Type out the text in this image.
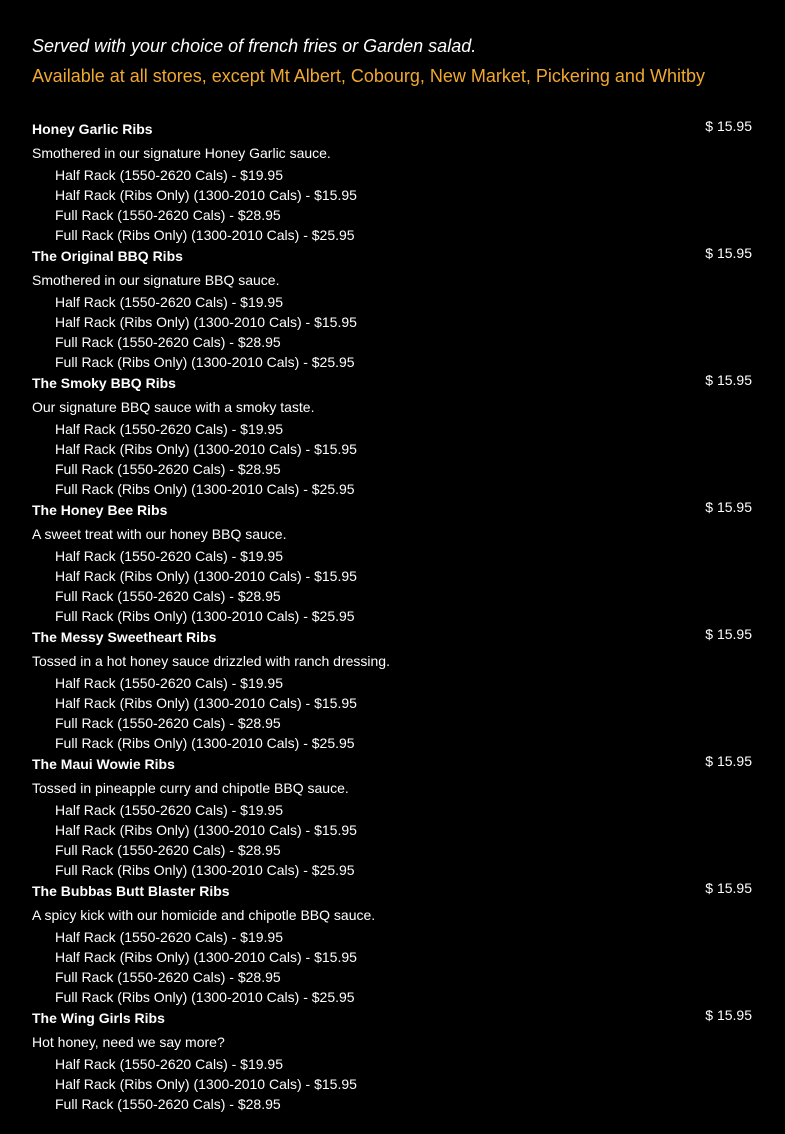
Served with your choice of french fries or Garden salad.

Available at all stores, except Mt Albert, Cobourg, New Market, Pickering and Whitby

Honey Garlic Ribs	$ 15.95
Smothered in our signature Honey Garlic sauce.
Half Rack (1550-2620 Cals) - $19.95
Half Rack (Ribs Only) (1300-2010 Cals) - $15.95
Full Rack (1550-2620 Cals) - $28.95
Full Rack (Ribs Only) (1300-2010 Cals) - $25.95
The Original BBQ Ribs	$ 15.95
Smothered in our signature BBQ sauce.
Half Rack (1550-2620 Cals) - $19.95
Half Rack (Ribs Only) (1300-2010 Cals) - $15.95
Full Rack (1550-2620 Cals) - $28.95
Full Rack (Ribs Only) (1300-2010 Cals) - $25.95
The Smoky BBQ Ribs	$ 15.95
Our signature BBQ sauce with a smoky taste.
Half Rack (1550-2620 Cals) - $19.95
Half Rack (Ribs Only) (1300-2010 Cals) - $15.95
Full Rack (1550-2620 Cals) - $28.95
Full Rack (Ribs Only) (1300-2010 Cals) - $25.95
The Honey Bee Ribs	$ 15.95
A sweet treat with our honey BBQ sauce.
Half Rack (1550-2620 Cals) - $19.95
Half Rack (Ribs Only) (1300-2010 Cals) - $15.95
Full Rack (1550-2620 Cals) - $28.95
Full Rack (Ribs Only) (1300-2010 Cals) - $25.95
The Messy Sweetheart Ribs	$ 15.95
Tossed in a hot honey sauce drizzled with ranch dressing.
Half Rack (1550-2620 Cals) - $19.95
Half Rack (Ribs Only) (1300-2010 Cals) - $15.95
Full Rack (1550-2620 Cals) - $28.95
Full Rack (Ribs Only) (1300-2010 Cals) - $25.95
The Maui Wowie Ribs	$ 15.95
Tossed in pineapple curry and chipotle BBQ sauce.
Half Rack (1550-2620 Cals) - $19.95
Half Rack (Ribs Only) (1300-2010 Cals) - $15.95
Full Rack (1550-2620 Cals) - $28.95
Full Rack (Ribs Only) (1300-2010 Cals) - $25.95
The Bubbas Butt Blaster Ribs	$ 15.95
A spicy kick with our homicide and chipotle BBQ sauce.
Half Rack (1550-2620 Cals) - $19.95
Half Rack (Ribs Only) (1300-2010 Cals) - $15.95
Full Rack (1550-2620 Cals) - $28.95
Full Rack (Ribs Only) (1300-2010 Cals) - $25.95
The Wing Girls Ribs	$ 15.95
Hot honey, need we say more?
Half Rack (1550-2620 Cals) - $19.95
Half Rack (Ribs Only) (1300-2010 Cals) - $15.95
Full Rack (1550-2620 Cals) - $28.95
